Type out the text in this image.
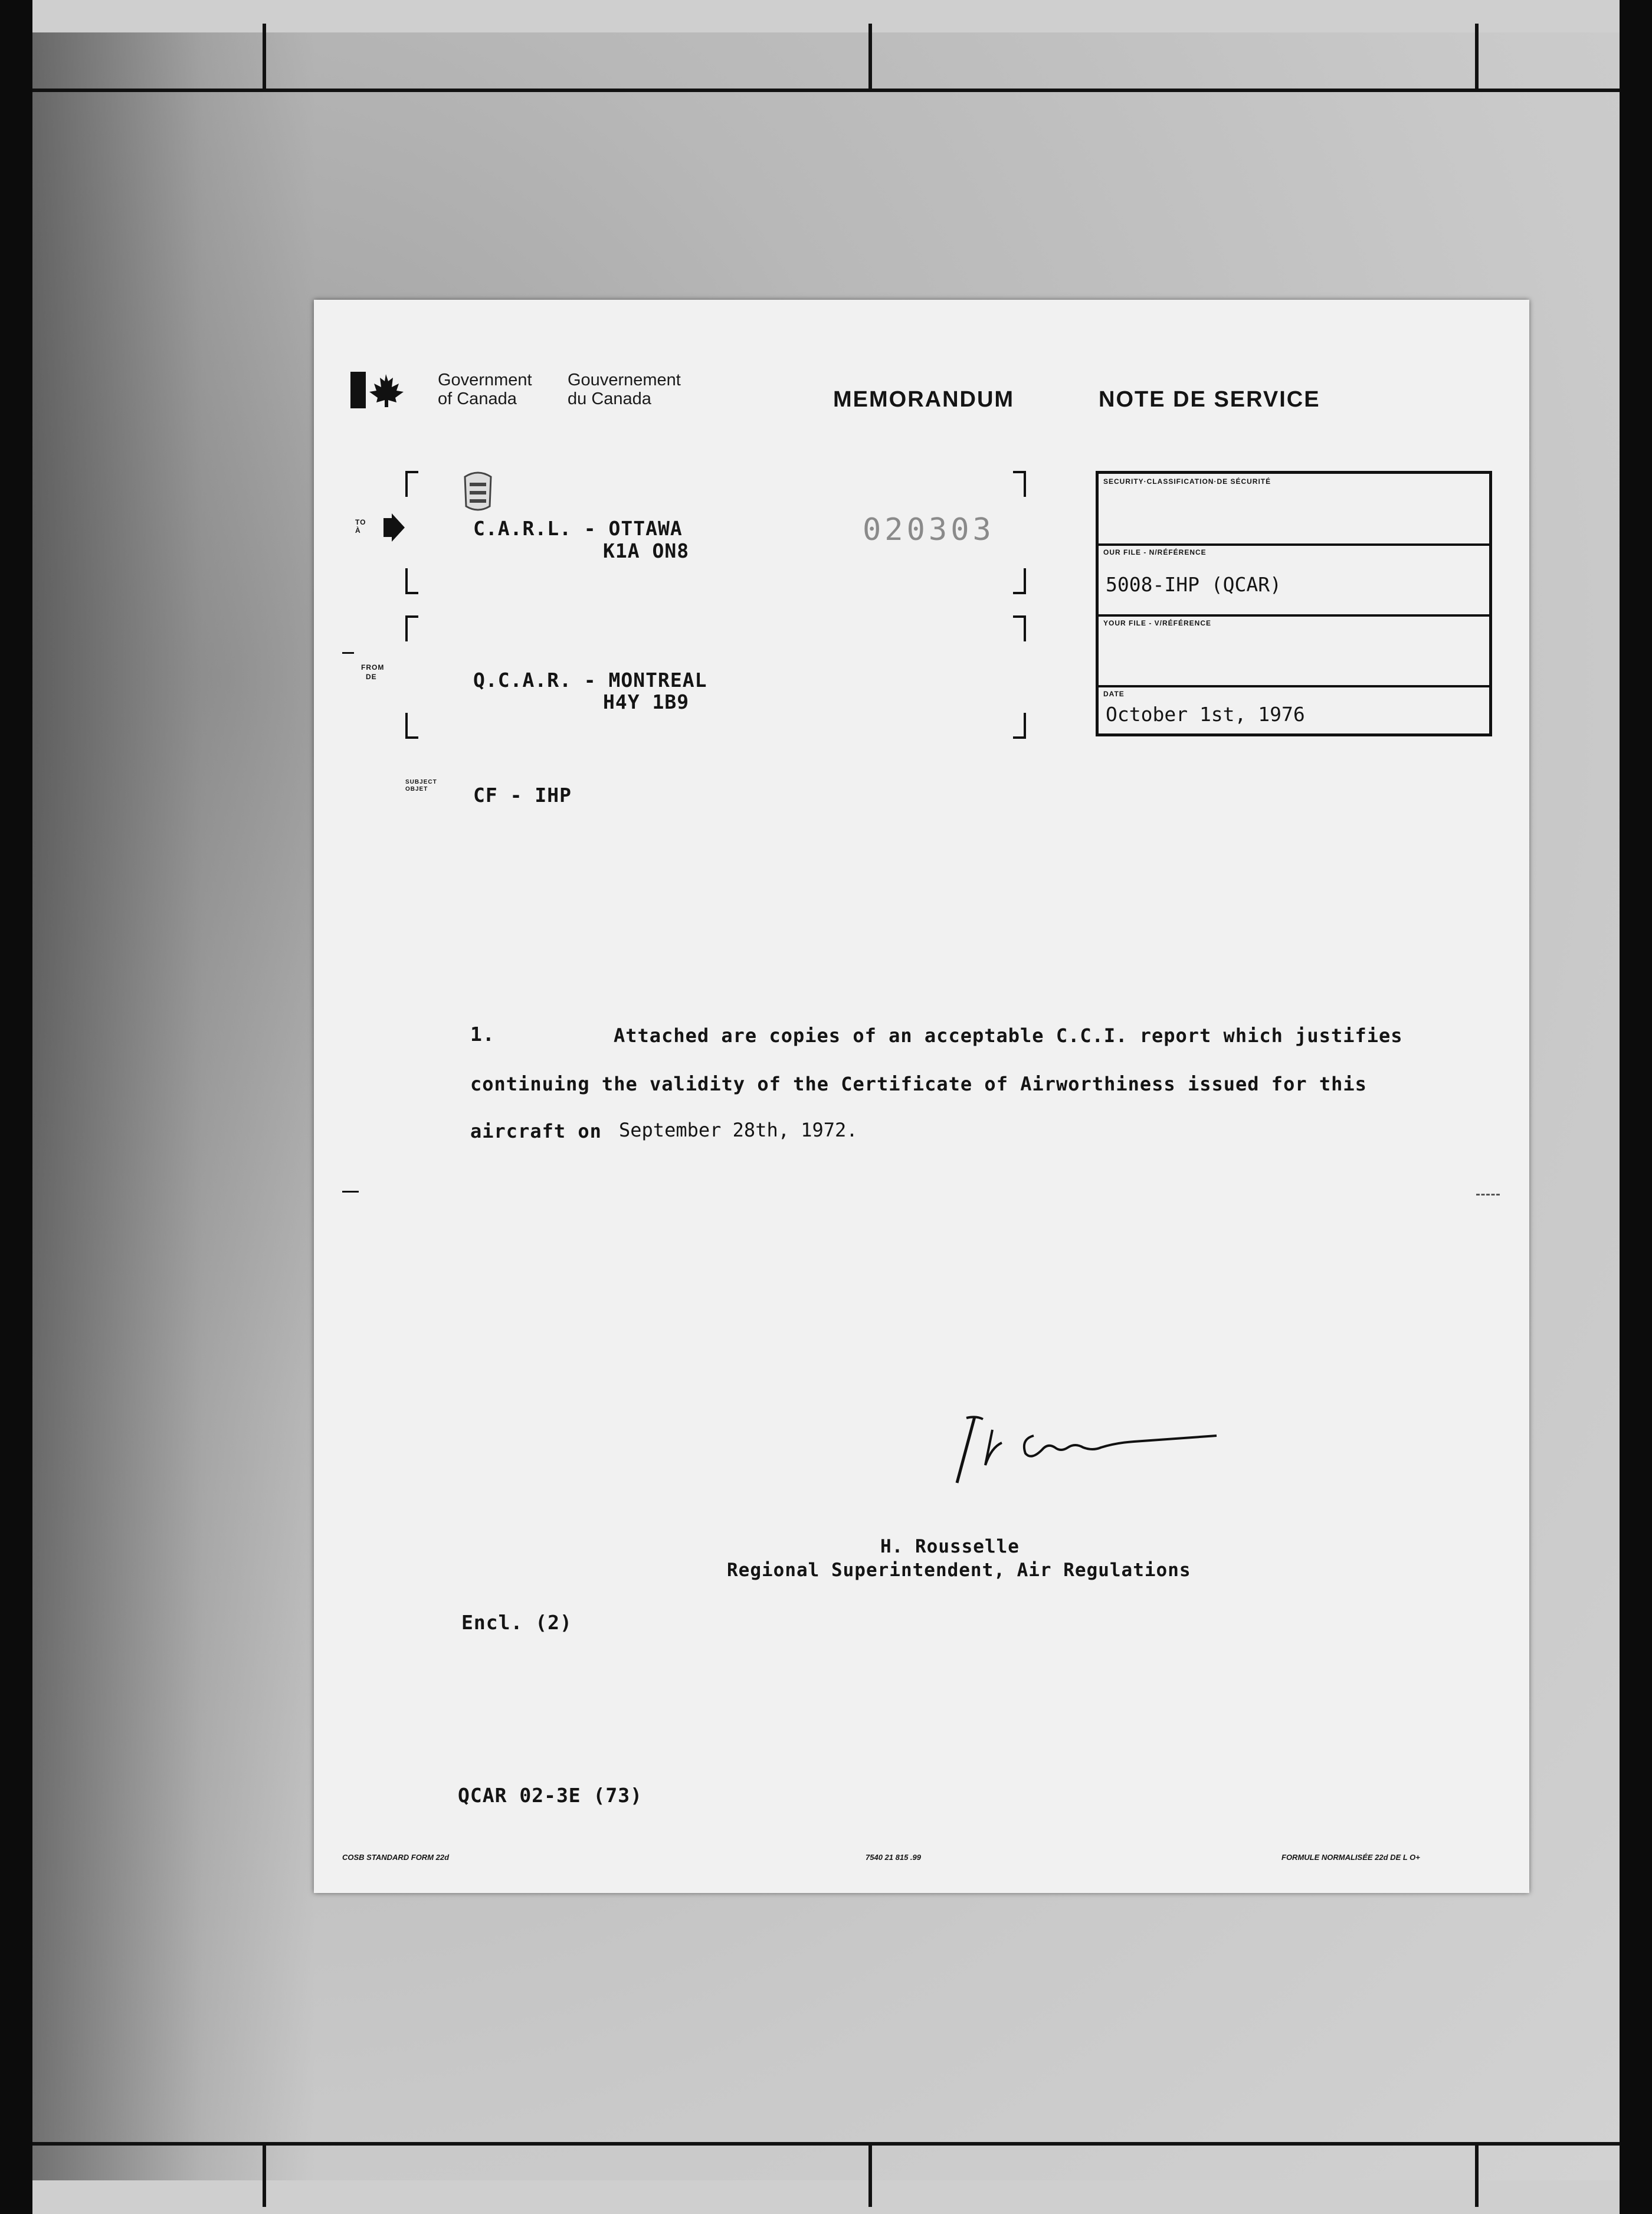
Government of Canada
Gouvernement du Canada	MEMORANDUM	NOTE DE SERVICE
TO
À	C.A.R.L. - OTTAWA
K1A ON8
020303
FROM
DE	Q.C.A.R. - MONTREAL
H4Y 1B9
SUBJECT
OBJET	CF - IHP
SECURITY·CLASSIFICATION·DE SÉCURITÉ
OUR FILE - N/RÉFÉRENCE
5008-IHP (QCAR)
YOUR FILE - V/RÉFÉRENCE
DATE
October 1st, 1976
1.	Attached are copies of an acceptable C.C.I. report which justifies
continuing the validity of the Certificate of Airworthiness issued for this
aircraft on September 28th, 1972.
H. Rousselle
Regional Superintendent, Air Regulations
Encl. (2)
QCAR 02-3E (73)
COSB STANDARD FORM 22d	7540 21 815 .99	FORMULE NORMALISÉE 22d DE L O+
